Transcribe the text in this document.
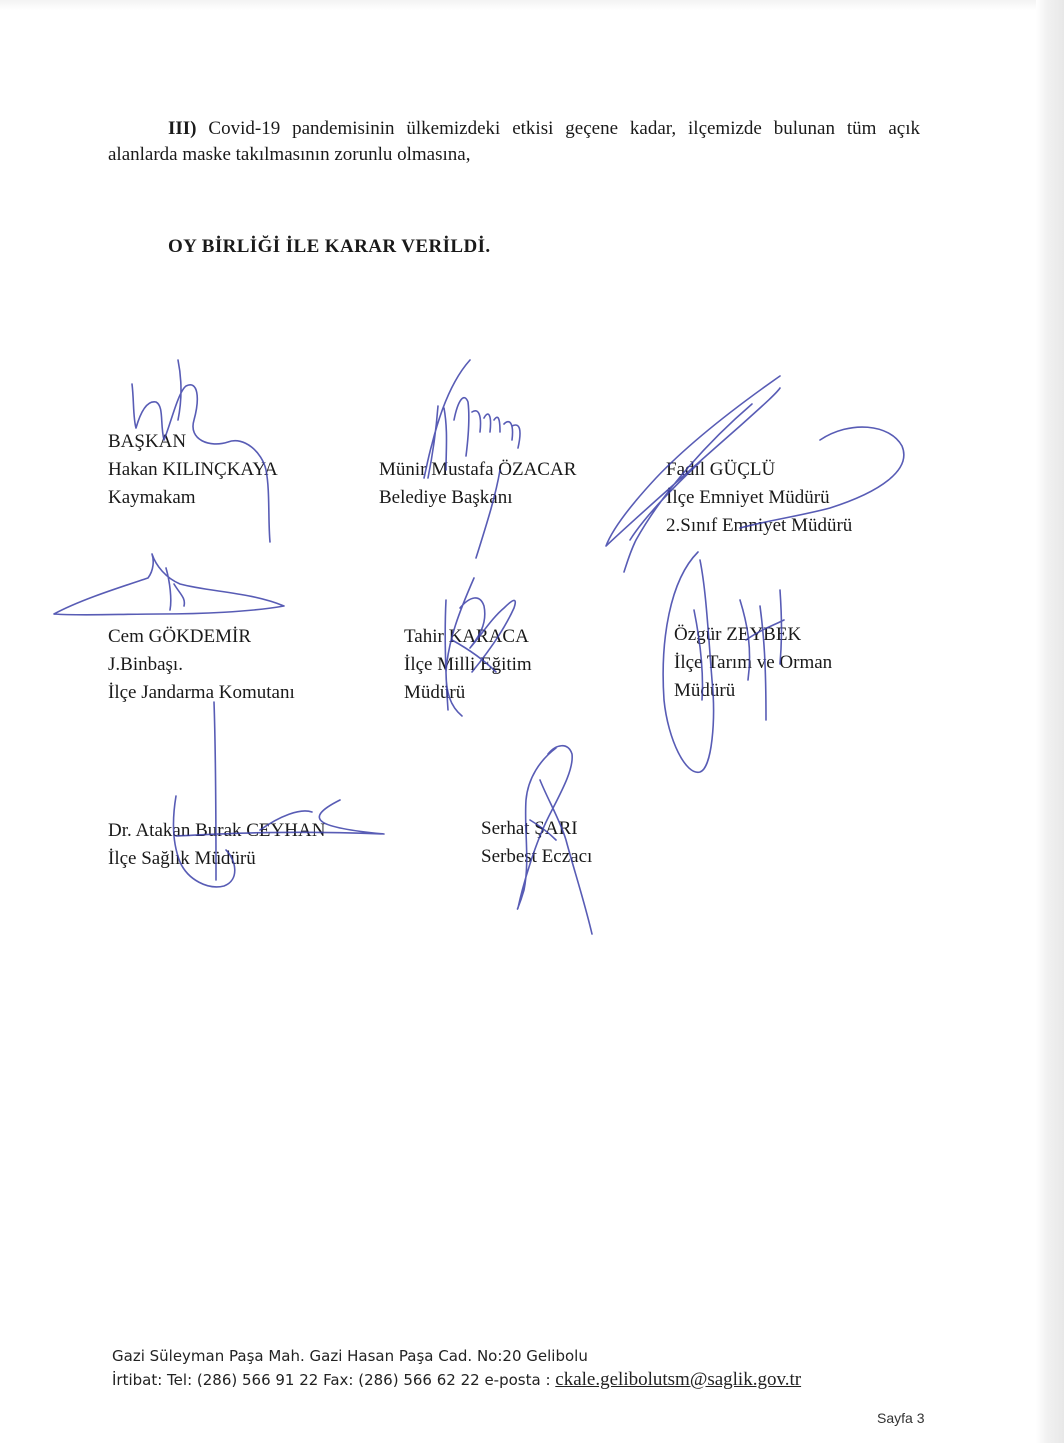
III) Covid-19 pandemisinin ülkemizdeki etkisi geçene kadar, ilçemizde bulunan tüm açık alanlarda maske takılmasının zorunlu olmasına,
OY BİRLİĞİ İLE KARAR VERİLDİ.
BAŞKAN
Hakan KILINÇKAYA
Kaymakam
Münir Mustafa ÖZACAR
Belediye Başkanı
Fadıl GÜÇLÜ
İlçe Emniyet Müdürü
2.Sınıf Emniyet Müdürü
Cem GÖKDEMİR
J.Binbaşı.
İlçe Jandarma Komutanı
Tahir KARACA
İlçe Milli Eğitim
Müdürü
Özgür ZEYBEK
İlçe Tarım ve Orman
Müdürü
Dr. Atakan Burak CEYHAN
İlçe Sağlık Müdürü
Serhat ŞARI
Serbest Eczacı
Gazi Süleyman Paşa Mah. Gazi Hasan Paşa Cad. No:20 Gelibolu
İrtibat: Tel: (286) 566 91 22 Fax: (286) 566 62 22 e-posta : ckale.gelibolutsm@saglik.gov.tr
Sayfa 3
